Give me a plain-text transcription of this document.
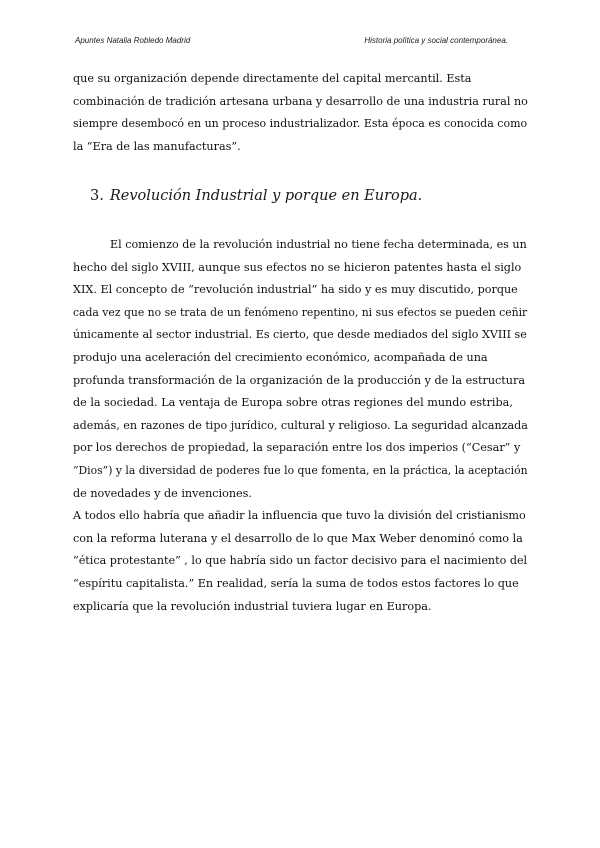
Apuntes Natalia Robledo Madrid	Historia política y social contemporánea.
que su organización depende directamente del capital mercantil. Esta
combinación de tradición artesana urbana y desarrollo de una industria rural no
siempre desembocó en un proceso industrializador. Esta época es conocida como
la “Era de las manufacturas”.
3. Revolución Industrial y porque en Europa.
El comienzo de la revolución industrial no tiene fecha determinada, es un
hecho del siglo XVIII, aunque sus efectos no se hicieron patentes hasta el siglo
XIX. El concepto de “revolución industrial” ha sido y es muy discutido, porque
cada vez que no se trata de un fenómeno repentino, ni sus efectos se pueden ceñir
únicamente al sector industrial. Es cierto, que desde mediados del siglo XVIII se
produjo una aceleración del crecimiento económico, acompañada de una
profunda transformación de la organización de la producción y de la estructura
de la sociedad. La ventaja de Europa sobre otras regiones del mundo estriba,
además, en razones de tipo jurídico, cultural y religioso. La seguridad alcanzada
por los derechos de propiedad, la separación entre los dos imperios (“Cesar” y
“Dios”) y la diversidad de poderes fue lo que fomenta, en la práctica, la aceptación
de novedades y de invenciones.
A todos ello habría que añadir la influencia que tuvo la división del cristianismo
con la reforma luterana y el desarrollo de lo que Max Weber denominó como la
“ética protestante” , lo que habría sido un factor decisivo para el nacimiento del
“espíritu capitalista.” En realidad, sería la suma de todos estos factores lo que
explicaría que la revolución industrial tuviera lugar en Europa.
